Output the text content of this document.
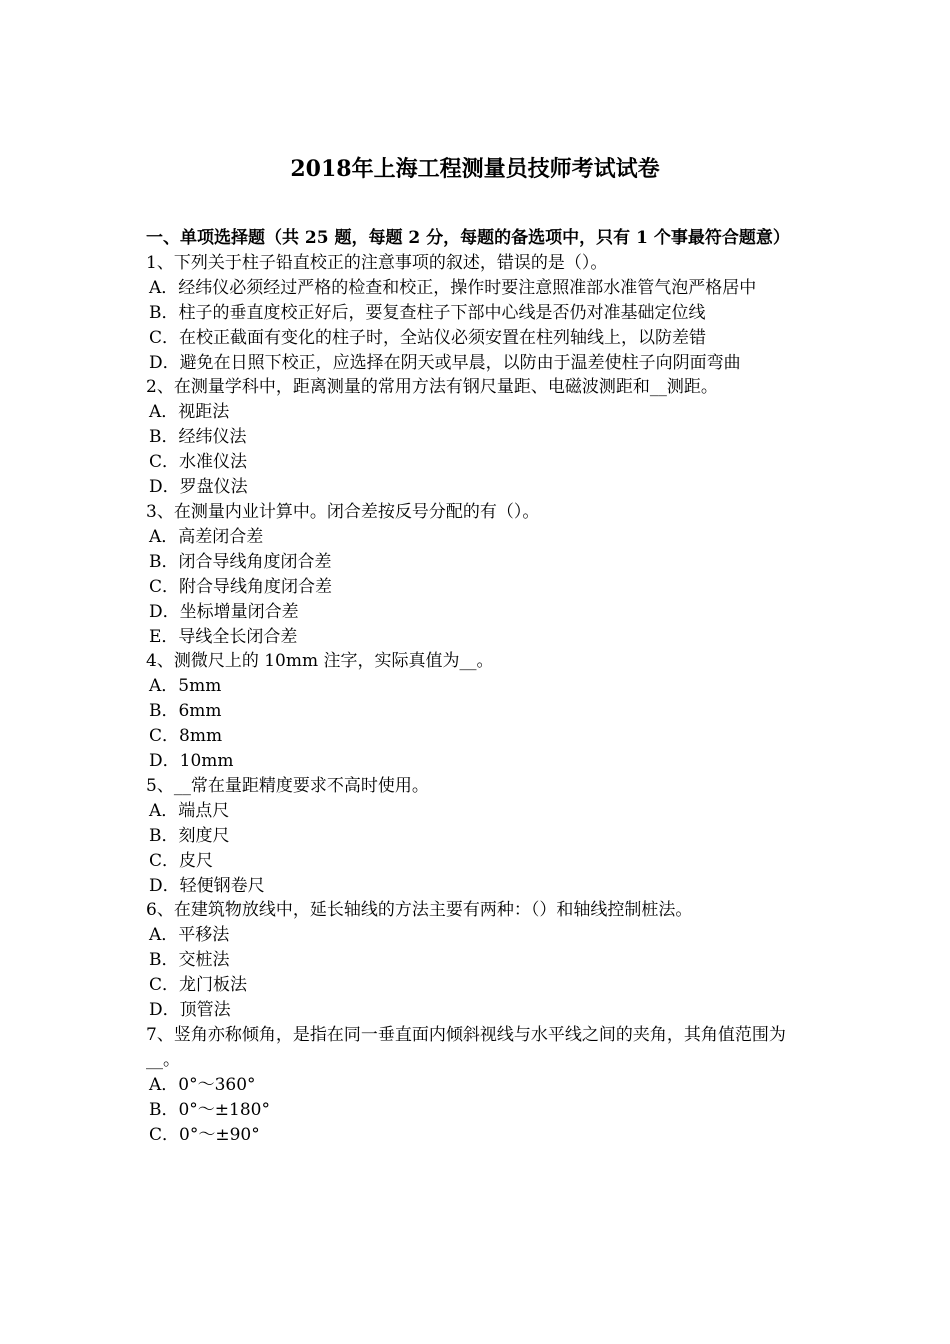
2018年上海工程测量员技师考试试卷

一、单项选择题（共 25 题，每题 2 分，每题的备选项中，只有 1 个事最符合题意）

1、下列关于柱子铅直校正的注意事项的叙述，错误的是（）。

A．经纬仪必须经过严格的检查和校正，操作时要注意照准部水准管气泡严格居中

B．柱子的垂直度校正好后，要复查柱子下部中心线是否仍对准基础定位线

C．在校正截面有变化的柱子时，全站仪必须安置在柱列轴线上，以防差错

D．避免在日照下校正，应选择在阴天或早晨，以防由于温差使柱子向阴面弯曲

2、在测量学科中，距离测量的常用方法有钢尺量距、电磁波测距和__测距。

A．视距法

B．经纬仪法

C．水准仪法

D．罗盘仪法

3、在测量内业计算中。闭合差按反号分配的有（）。

A．高差闭合差

B．闭合导线角度闭合差

C．附合导线角度闭合差

D．坐标增量闭合差

E．导线全长闭合差

4、测微尺上的 10mm 注字，实际真值为__。

A．5mm

B．6mm

C．8mm

D．10mm

5、__常在量距精度要求不高时使用。

A．端点尺

B．刻度尺

C．皮尺

D．轻便钢卷尺

6、在建筑物放线中，延长轴线的方法主要有两种：（）和轴线控制桩法。

A．平移法

B．交桩法

C．龙门板法

D．顶管法

7、竖角亦称倾角，是指在同一垂直面内倾斜视线与水平线之间的夹角，其角值范围为__。

A．0°～360°

B．0°～±180°

C．0°～±90°
